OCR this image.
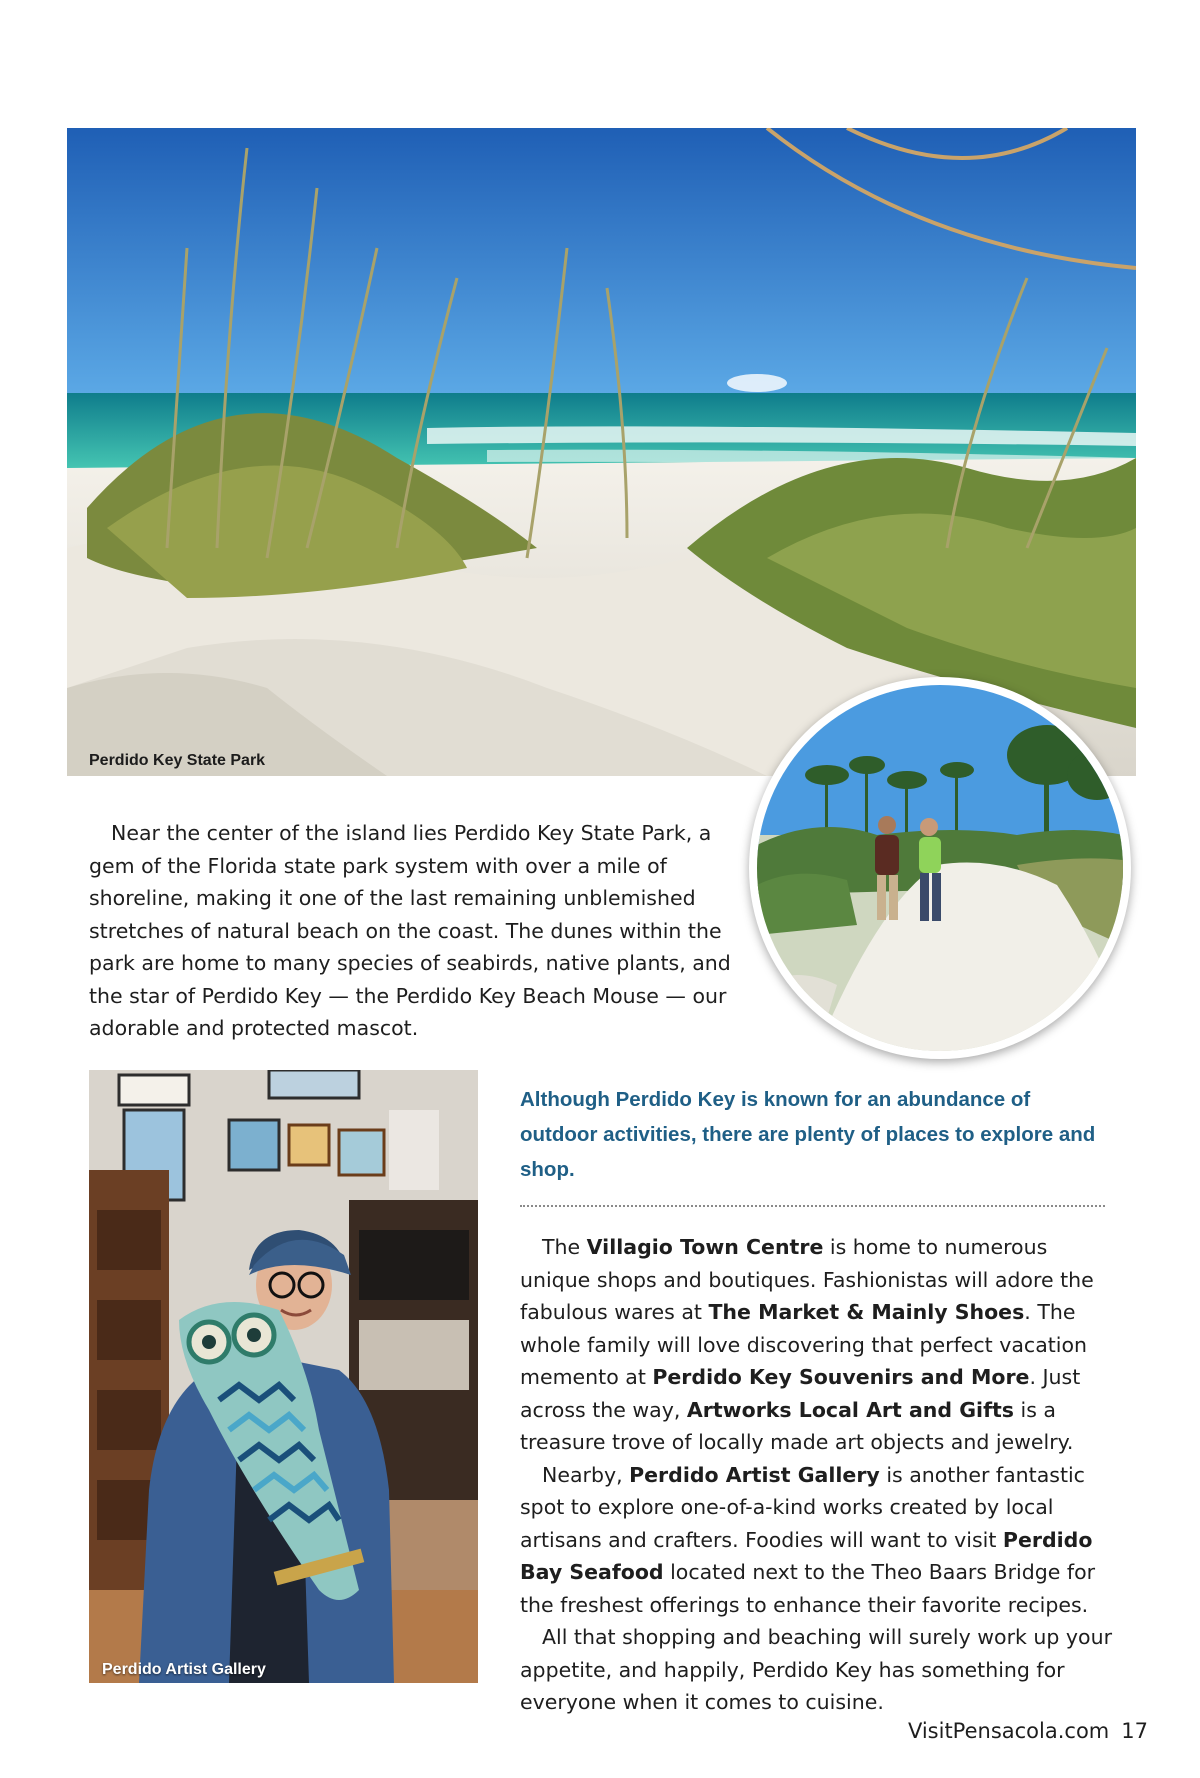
Perdido Key State Park

Near the center of the island lies Perdido Key State Park, a gem of the Florida state park system with over a mile of shoreline, making it one of the last remaining unblemished stretches of natural beach on the coast. The dunes within the park are home to many species of seabirds, native plants, and the star of Perdido Key — the Perdido Key Beach Mouse — our adorable and protected mascot.

Perdido Artist Gallery

Although Perdido Key is known for an abundance of outdoor activities, there are plenty of places to explore and shop.

The Villagio Town Centre is home to numerous unique shops and boutiques. Fashionistas will adore the fabulous wares at The Market & Mainly Shoes. The whole family will love discovering that perfect vacation memento at Perdido Key Souvenirs and More. Just across the way, Artworks Local Art and Gifts is a treasure trove of locally made art objects and jewelry.

Nearby, Perdido Artist Gallery is another fantastic spot to explore one-of-a-kind works created by local artisans and crafters. Foodies will want to visit Perdido Bay Seafood located next to the Theo Baars Bridge for the freshest offerings to enhance their favorite recipes.

All that shopping and beaching will surely work up your appetite, and happily, Perdido Key has something for everyone when it comes to cuisine.

VisitPensacola.com 17
